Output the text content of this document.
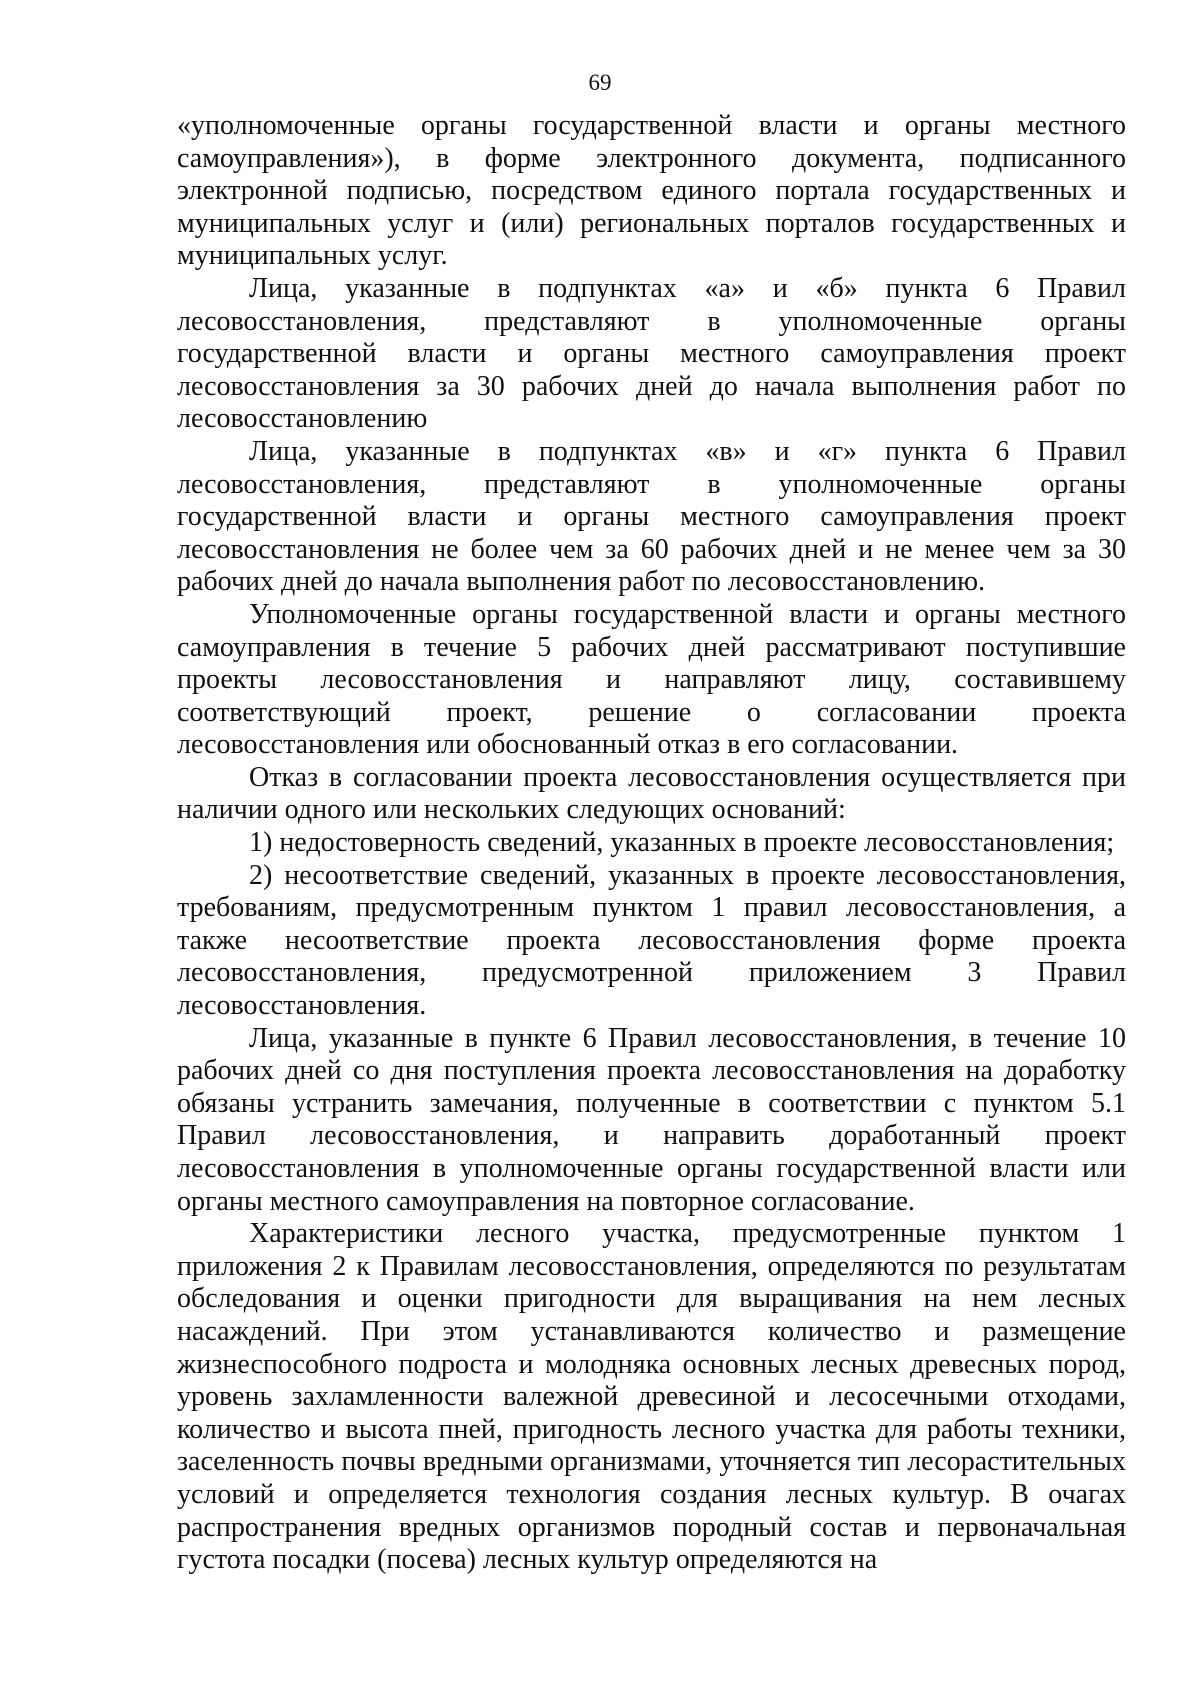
69

«уполномоченные органы государственной власти и органы местного самоуправления»), в форме электронного документа, подписанного электронной подписью, посредством единого портала государственных и муниципальных услуг и (или) региональных порталов государственных и муниципальных услуг.

Лица, указанные в подпунктах «а» и «б» пункта 6 Правил лесовосстановления, представляют в уполномоченные органы государственной власти и органы местного самоуправления проект лесовосстановления за 30 рабочих дней до начала выполнения работ по лесовосстановлению

Лица, указанные в подпунктах «в» и «г» пункта 6 Правил лесовосстановления, представляют в уполномоченные органы государственной власти и органы местного самоуправления проект лесовосстановления не более чем за 60 рабочих дней и не менее чем за 30 рабочих дней до начала выполнения работ по лесовосстановлению.

Уполномоченные органы государственной власти и органы местного самоуправления в течение 5 рабочих дней рассматривают поступившие проекты лесовосстановления и направляют лицу, составившему соответствующий проект, решение о согласовании проекта лесовосстановления или обоснованный отказ в его согласовании.

Отказ в согласовании проекта лесовосстановления осуществляется при наличии одного или нескольких следующих оснований:

1) недостоверность сведений, указанных в проекте лесовосстановления;

2) несоответствие сведений, указанных в проекте лесовосстановления, требованиям, предусмотренным пунктом 1 правил лесовосстановления, а также несоответствие проекта лесовосстановления форме проекта лесовосстановления, предусмотренной приложением 3 Правил лесовосстановления.

Лица, указанные в пункте 6 Правил лесовосстановления, в течение 10 рабочих дней со дня поступления проекта лесовосстановления на доработку обязаны устранить замечания, полученные в соответствии с пунктом 5.1 Правил лесовосстановления, и направить доработанный проект лесовосстановления в уполномоченные органы государственной власти или органы местного самоуправления на повторное согласование.

Характеристики лесного участка, предусмотренные пунктом 1 приложения 2 к Правилам лесовосстановления, определяются по результатам обследования и оценки пригодности для выращивания на нем лесных насаждений. При этом устанавливаются количество и размещение жизнеспособного подроста и молодняка основных лесных древесных пород, уровень захламленности валежной древесиной и лесосечными отходами, количество и высота пней, пригодность лесного участка для работы техники, заселенность почвы вредными организмами, уточняется тип лесорастительных условий и определяется технология создания лесных культур. В очагах распространения вредных организмов породный состав и первоначальная густота посадки (посева) лесных культур определяются на
